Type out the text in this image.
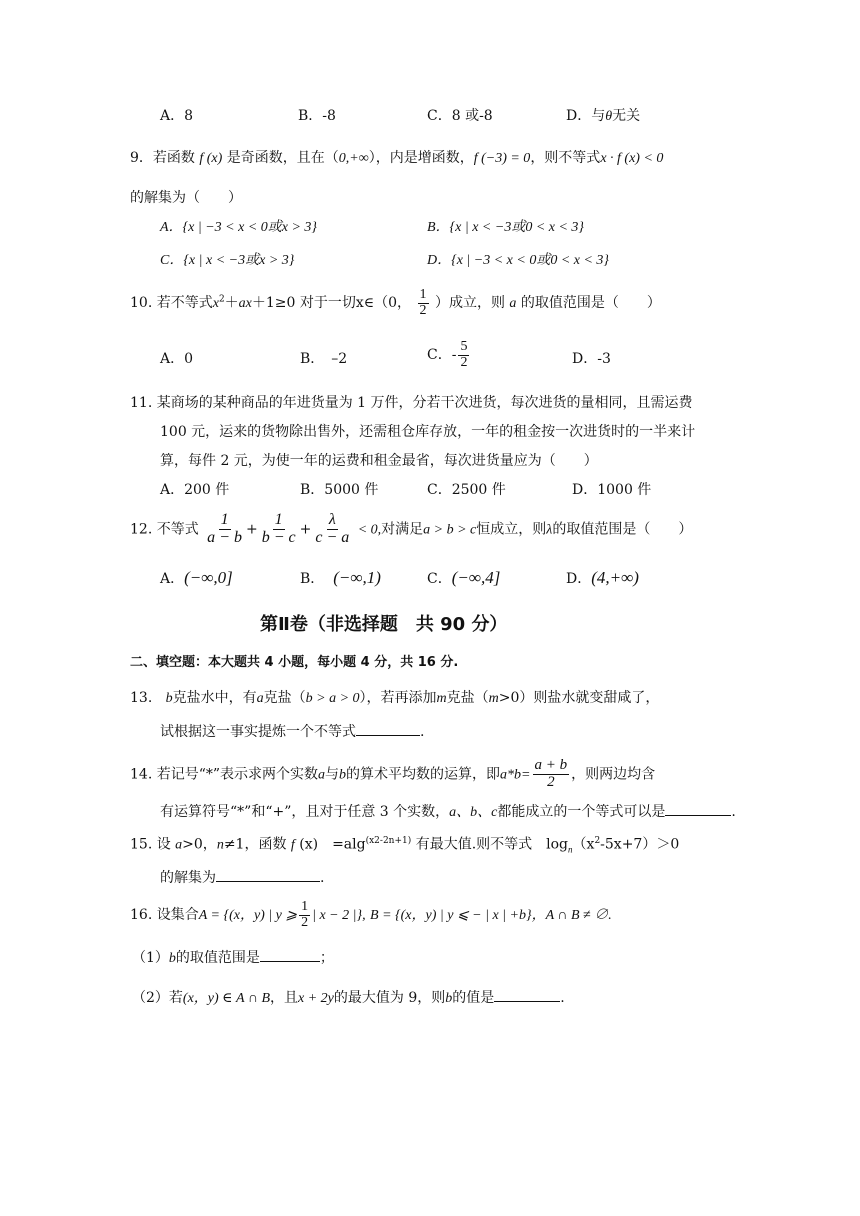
A．8	B．-8	C．8 或-8	D．与θ无关
9．若函数 f (x) 是奇函数，且在（0,+∞），内是增函数，f (−3) = 0，则不等式x · f (x) < 0
的解集为（　　）
A．{x | −3 < x < 0或x > 3}	B．{x | x < −3或0 < x < 3}
C．{x | x < −3或x > 3}	D．{x | −3 < x < 0或0 < x < 3}
10. 若不等式$x^2+ax+1\ge 0$ 对于一切x∈（0， $\frac{1}{2}$ ）成立，则 a 的取值范围是（　　）
A．0	B．　–2	C．- $\frac{5}{2}$	D．-3
11. 某商场的某种商品的年进货量为 1 万件，分若干次进货，每次进货的量相同，且需运费
100 元，运来的货物除出售外，还需租仓库存放，一年的租金按一次进货时的一半来计
算，每件 2 元，为使一年的运费和租金最省，每次进货量应为（　　）
A．200 件	B．5000 件	C．2500 件	D．1000 件
12. 不等式 $\frac{1}{a - b} + \frac{1}{b - c} + \frac{\lambda}{c - a} < 0$,对满足a > b > c恒成立，则λ的取值范围是（　　）
A．(−∞,0]	B． (−∞,1)	C．(−∞,4]	D．(4,+∞)
第Ⅱ卷（非选择题　共 90 分）
二、填空题：本大题共 4 小题，每小题 4 分，共 16 分.
13. b克盐水中，有a克盐（b > a > 0），若再添加m克盐（m>0）则盐水就变甜咸了，
试根据这一事实提炼一个不等式	.
14. 若记号“*”表示求两个实数a与b的算术平均数的运算，即$a*b= \frac{a + b}{2}$ ，则两边均含
有运算符号“*”和“+”，且对于任意 3 个实数，a、b、c都能成立的一个等式可以是	.
15. 设 a>0，n≠1，函数 f (x)　=alg$^{(x2-2n+1)}$ 有最大值.则不等式　$\log_n(x^2-5x+7)>0$
的解集为	.
16. 设集合A = {(x，y) | y ⩾ $\frac{1}{2}$ | x − 2 |}, B = {(x，y) | y ⩽ − | x | +b}，A ∩ B ≠ ∅.
（1）b的取值范围是	；
（2）若(x，y) ∈ A ∩ B，且x + 2y的最大值为 9，则b的值是	.
